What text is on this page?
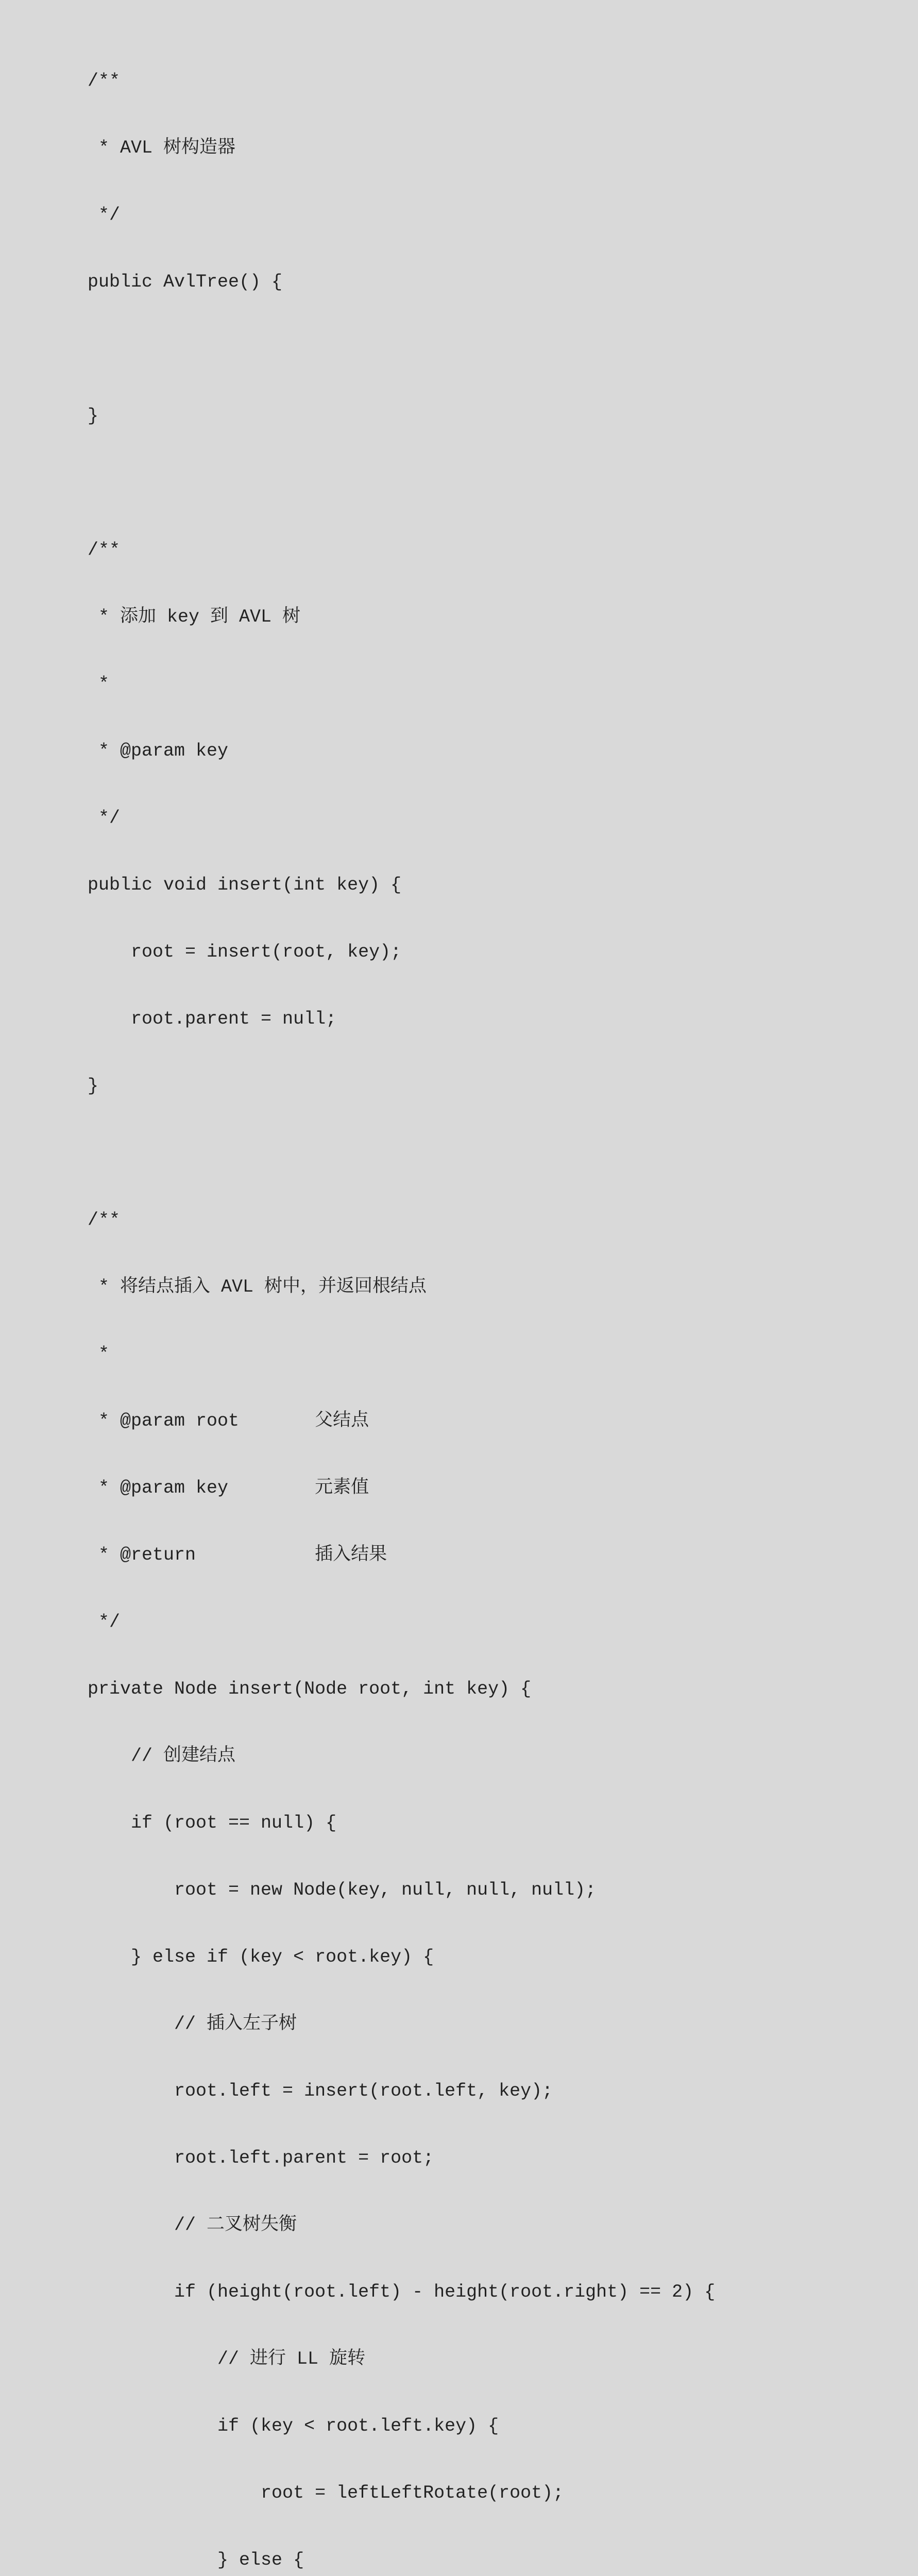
/**

* AVL 树构造器

*/

public AvlTree() {

}

/**

* 添加 key 到 AVL 树

*

* @param key

*/

public void insert(int key) {

root = insert(root, key);

root.parent = null;

}

/**

* 将结点插入 AVL 树中，并返回根结点

*

* @param root       父结点

* @param key        元素值

* @return           插入结果

*/

private Node insert(Node root, int key) {

// 创建结点

if (root == null) {

root = new Node(key, null, null, null);

} else if (key < root.key) {

// 插入左子树

root.left = insert(root.left, key);

root.left.parent = root;

// 二叉树失衡

if (height(root.left) - height(root.right) == 2) {

// 进行 LL 旋转

if (key < root.left.key) {

root = leftLeftRotate(root);

} else {
